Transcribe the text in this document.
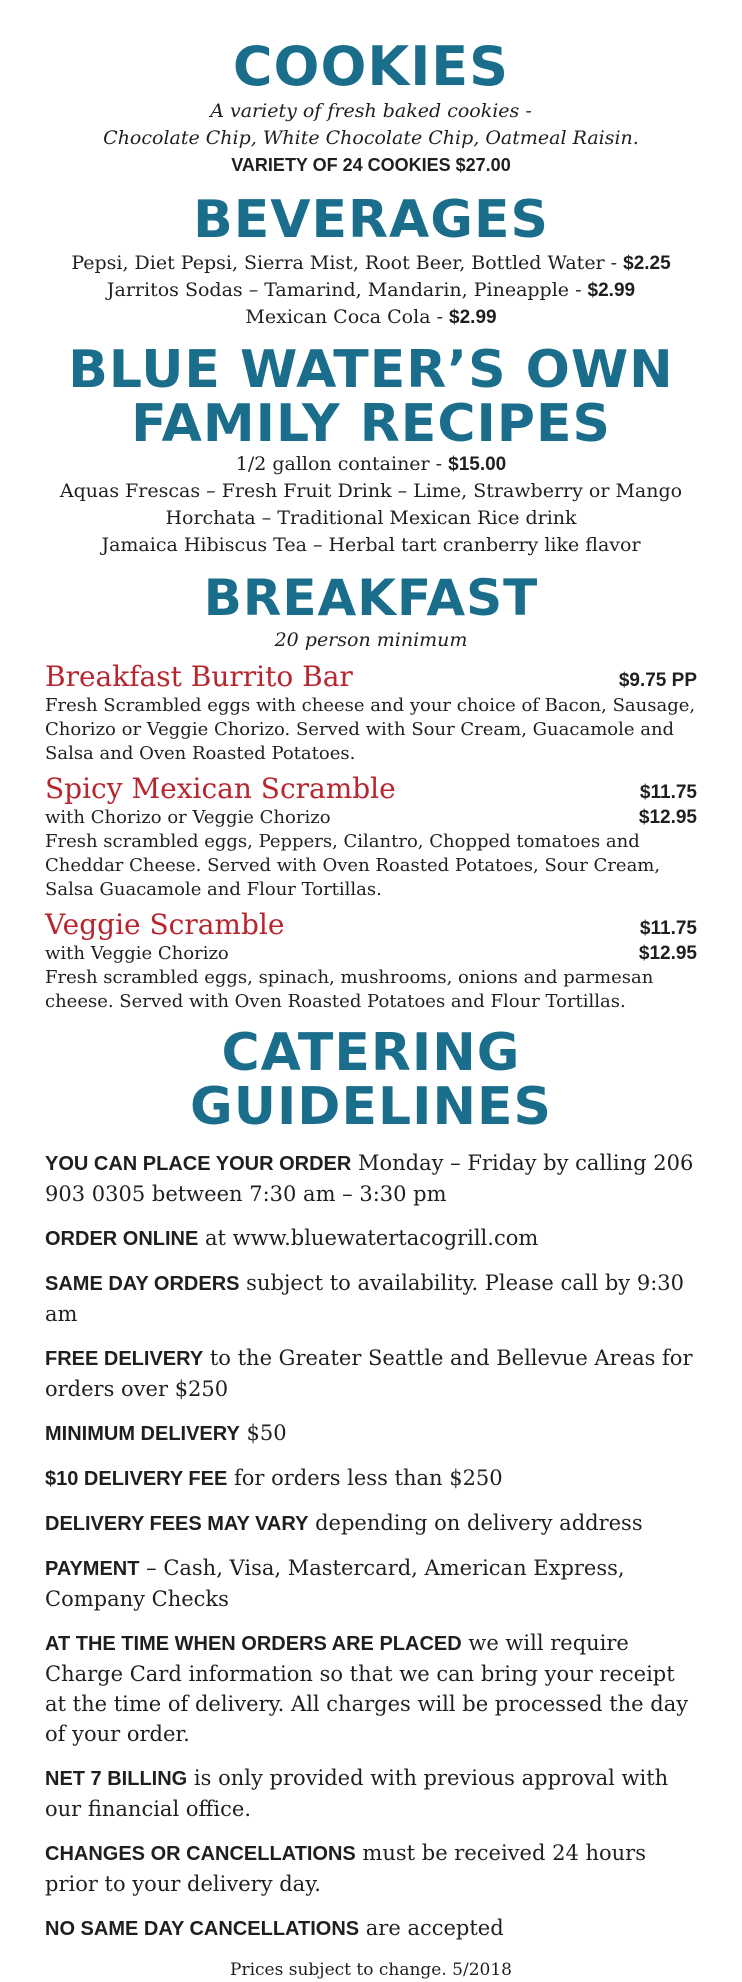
COOKIES
A variety of fresh baked cookies -
Chocolate Chip, White Chocolate Chip, Oatmeal Raisin.
VARIETY OF 24 COOKIES $27.00
BEVERAGES
Pepsi, Diet Pepsi, Sierra Mist, Root Beer, Bottled Water - $2.25
Jarritos Sodas – Tamarind, Mandarin, Pineapple - $2.99
Mexican Coca Cola - $2.99
BLUE WATER’S OWN
FAMILY RECIPES
1/2 gallon container - $15.00
Aquas Frescas – Fresh Fruit Drink – Lime, Strawberry or Mango
Horchata – Traditional Mexican Rice drink
Jamaica Hibiscus Tea – Herbal tart cranberry like flavor
BREAKFAST
20 person minimum
Breakfast Burrito Bar	$9.75 PP

Fresh Scrambled eggs with cheese and your choice of Bacon, Sausage, Chorizo or Veggie Chorizo. Served with Sour Cream, Guacamole and Salsa and Oven Roasted Potatoes.

Spicy Mexican Scramble	$11.75
with Chorizo or Veggie Chorizo	$12.95

Fresh scrambled eggs, Peppers, Cilantro, Chopped tomatoes and Cheddar Cheese. Served with Oven Roasted Potatoes, Sour Cream, Salsa Guacamole and Flour Tortillas.

Veggie Scramble	$11.75
with Veggie Chorizo	$12.95

Fresh scrambled eggs, spinach, mushrooms, onions and parmesan cheese. Served with Oven Roasted Potatoes and Flour Tortillas.

CATERING
GUIDELINES

YOU CAN PLACE YOUR ORDER Monday – Friday by calling 206 903 0305 between 7:30 am – 3:30 pm

ORDER ONLINE at www.bluewatertacogrill.com

SAME DAY ORDERS subject to availability. Please call by 9:30 am

FREE DELIVERY to the Greater Seattle and Bellevue Areas for orders over $250

MINIMUM DELIVERY $50

$10 DELIVERY FEE for orders less than $250

DELIVERY FEES MAY VARY depending on delivery address

PAYMENT – Cash, Visa, Mastercard, American Express, Company Checks

AT THE TIME WHEN ORDERS ARE PLACED we will require Charge Card information so that we can bring your receipt at the time of delivery. All charges will be processed the day of your order.

NET 7 BILLING is only provided with previous approval with our financial office.

CHANGES OR CANCELLATIONS must be received 24 hours prior to your delivery day.

NO SAME DAY CANCELLATIONS are accepted

Prices subject to change. 5/2018
